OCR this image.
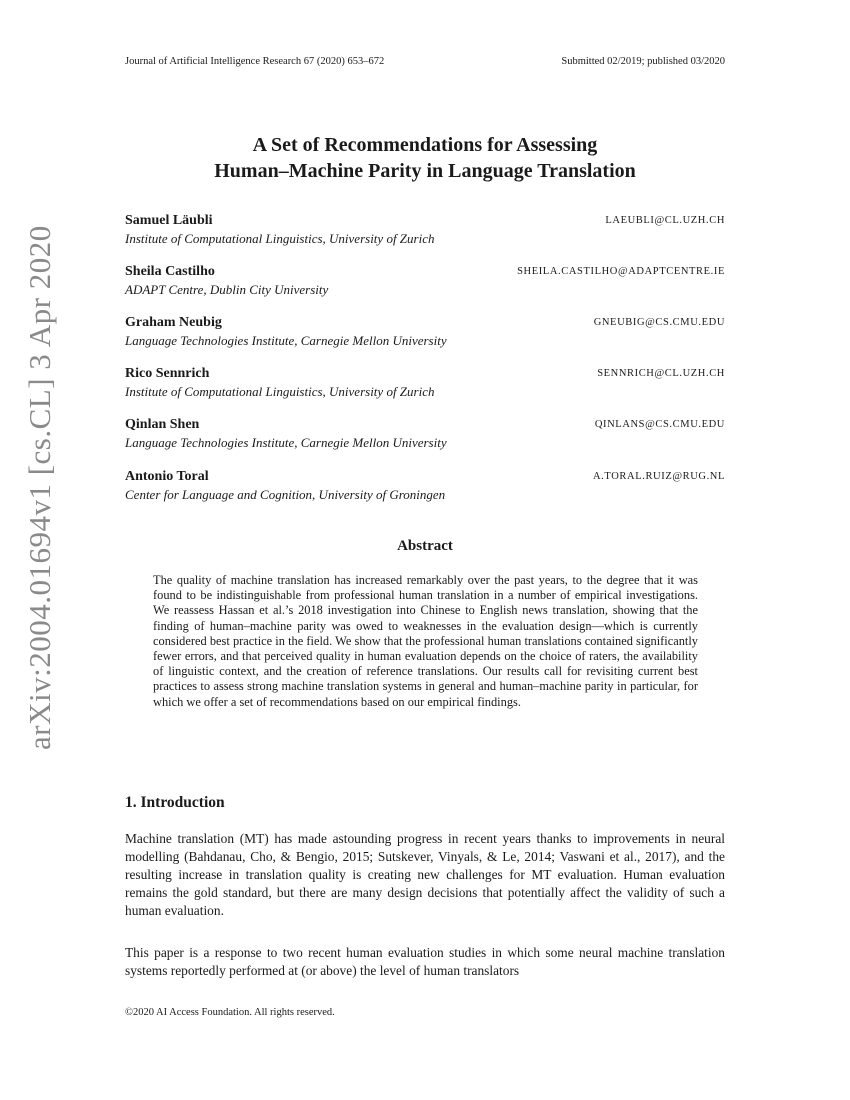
Journal of Artificial Intelligence Research 67 (2020) 653–672	Submitted 02/2019; published 03/2020
arXiv:2004.01694v1 [cs.CL] 3 Apr 2020
A Set of Recommendations for Assessing
Human–Machine Parity in Language Translation
Samuel Läubli
Institute of Computational Linguistics, University of Zurich
LAEUBLI@CL.UZH.CH
Sheila Castilho
ADAPT Centre, Dublin City University
SHEILA.CASTILHO@ADAPTCENTRE.IE
Graham Neubig
Language Technologies Institute, Carnegie Mellon University
GNEUBIG@CS.CMU.EDU
Rico Sennrich
Institute of Computational Linguistics, University of Zurich
SENNRICH@CL.UZH.CH
Qinlan Shen
Language Technologies Institute, Carnegie Mellon University
QINLANS@CS.CMU.EDU
Antonio Toral
Center for Language and Cognition, University of Groningen
A.TORAL.RUIZ@RUG.NL
Abstract
The quality of machine translation has increased remarkably over the past years, to the degree that it was found to be indistinguishable from professional human translation in a number of empirical investigations. We reassess Hassan et al.’s 2018 investigation into Chinese to English news translation, showing that the finding of human–machine parity was owed to weaknesses in the evaluation design—which is currently considered best practice in the field. We show that the professional human translations contained significantly fewer errors, and that perceived quality in human evaluation depends on the choice of raters, the availability of linguistic context, and the creation of reference translations. Our results call for revisiting current best practices to assess strong machine translation systems in general and human–machine parity in particular, for which we offer a set of recommendations based on our empirical findings.
1. Introduction
Machine translation (MT) has made astounding progress in recent years thanks to improvements in neural modelling (Bahdanau, Cho, & Bengio, 2015; Sutskever, Vinyals, & Le, 2014; Vaswani et al., 2017), and the resulting increase in translation quality is creating new challenges for MT evaluation. Human evaluation remains the gold standard, but there are many design decisions that potentially affect the validity of such a human evaluation.
This paper is a response to two recent human evaluation studies in which some neural machine translation systems reportedly performed at (or above) the level of human translators
©2020 AI Access Foundation. All rights reserved.
